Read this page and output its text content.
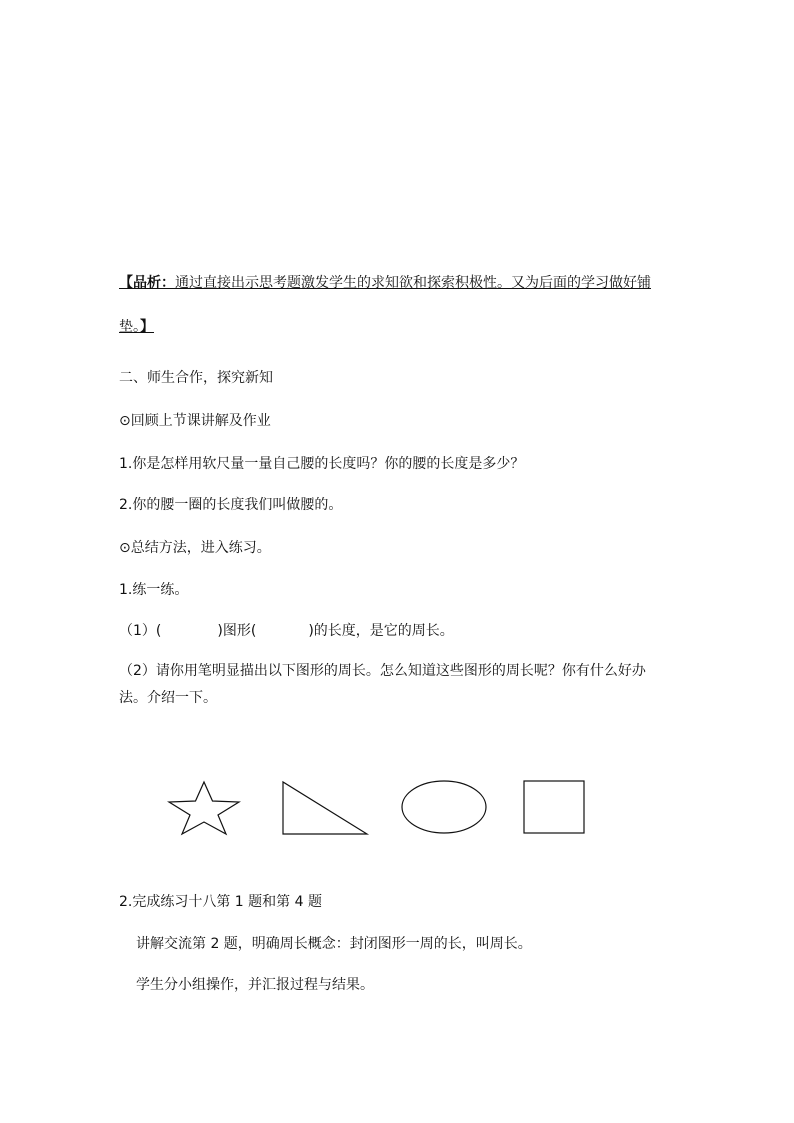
【品析：通过直接出示思考题激发学生的求知欲和探索积极性。又为后面的学习做好铺
垫。】
二、师生合作，探究新知
⊙回顾上节课讲解及作业
1.你是怎样用软尺量一量自己腰的长度吗？你的腰的长度是多少？
2.你的腰一圈的长度我们叫做腰的。
⊙总结方法，进入练习。
1.练一练。
（1）(	)图形(	)的长度，是它的周长。
（2）请你用笔明显描出以下图形的周长。怎么知道这些图形的周长呢？你有什么好办
法。介绍一下。
2.完成练习十八第 1 题和第 4 题
讲解交流第 2 题，明确周长概念：封闭图形一周的长，叫周长。
学生分小组操作，并汇报过程与结果。
